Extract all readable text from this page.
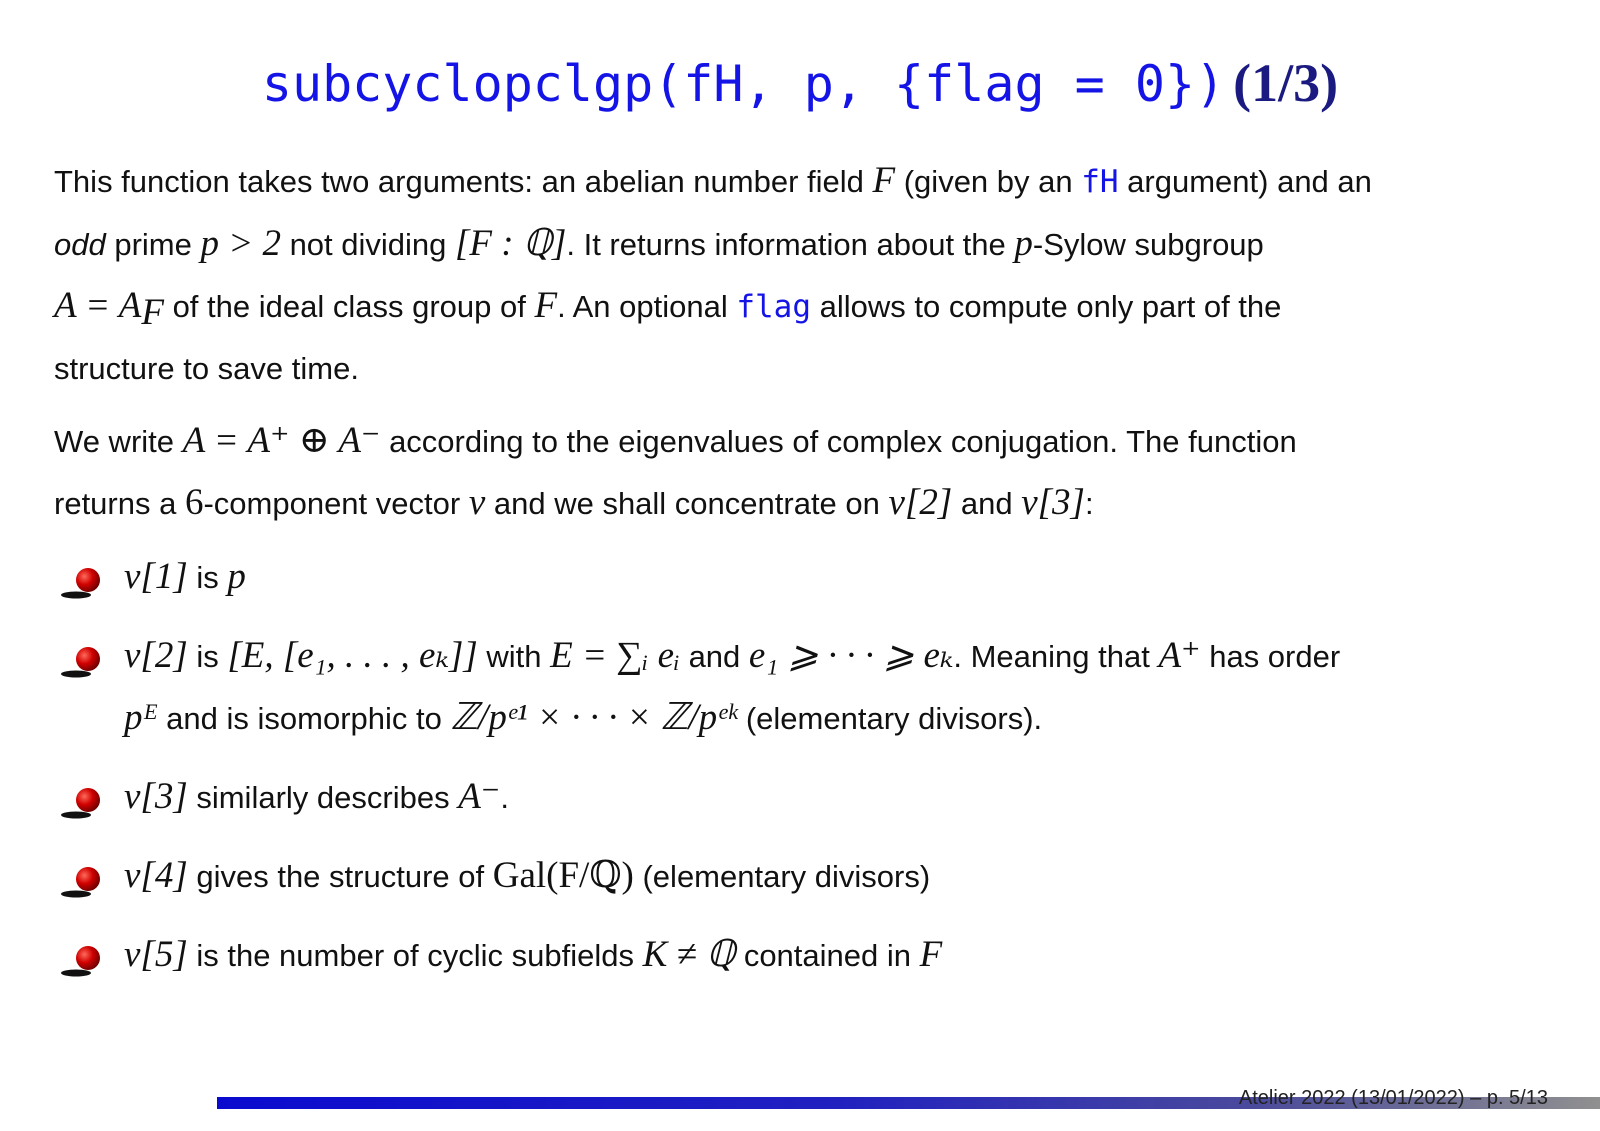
subcyclopclgp(fH, p, {flag = 0}) (1/3)
This function takes two arguments: an abelian number field F (given by an fH argument) and an
odd prime p > 2 not dividing [F : ℚ]. It returns information about the p-Sylow subgroup
$A = A_F$ of the ideal class group of F. An optional flag allows to compute only part of the
structure to save time.
We write A = A⁺ ⊕ A⁻ according to the eigenvalues of complex conjugation. The function
returns a 6-component vector v and we shall concentrate on v[2] and v[3]:
v[1] is p
v[2] is [E, [e₁, . . . , eₖ]] with E = ∑ᵢ eᵢ and e₁ ⩾ · · · ⩾ eₖ. Meaning that A⁺ has order
pᴱ and is isomorphic to ℤ/pᵉ¹ × · · · × ℤ/pᵉᵏ (elementary divisors).
v[3] similarly describes A⁻.
v[4] gives the structure of Gal(F/ℚ) (elementary divisors)
v[5] is the number of cyclic subfields K ≠ ℚ contained in F
Atelier 2022 (13/01/2022) – p. 5/13
